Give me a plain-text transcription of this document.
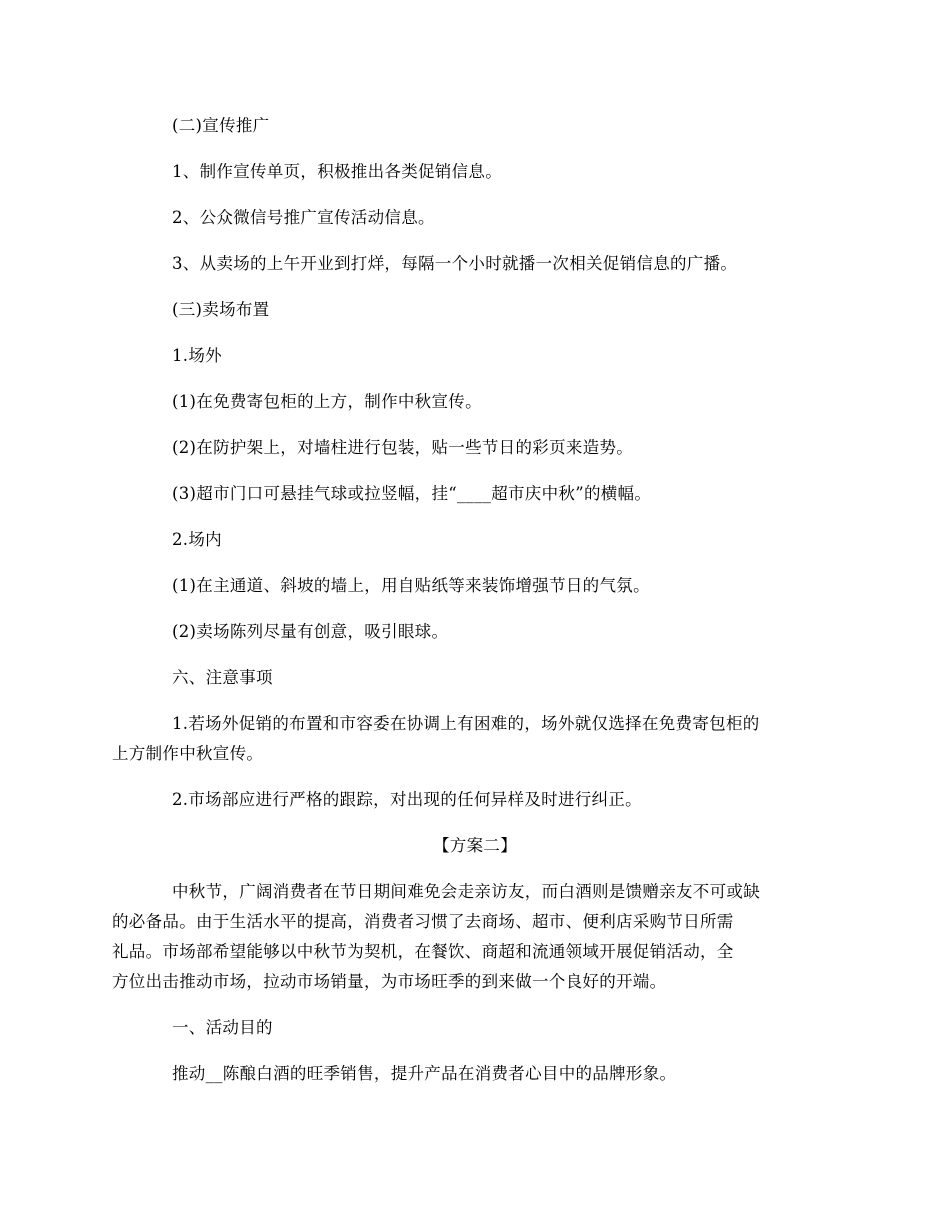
(二)宣传推广
1、制作宣传单页，积极推出各类促销信息。
2、公众微信号推广宣传活动信息。
3、从卖场的上午开业到打烊，每隔一个小时就播一次相关促销信息的广播。
(三)卖场布置
1.场外
(1)在免费寄包柜的上方，制作中秋宣传。
(2)在防护架上，对墙柱进行包装，贴一些节日的彩页来造势。
(3)超市门口可悬挂气球或拉竖幅，挂“____超市庆中秋”的横幅。
2.场内
(1)在主通道、斜坡的墙上，用自贴纸等来装饰增强节日的气氛。
(2)卖场陈列尽量有创意，吸引眼球。
六、注意事项
1.若场外促销的布置和市容委在协调上有困难的，场外就仅选择在免费寄包柜的
上方制作中秋宣传。
2.市场部应进行严格的跟踪，对出现的任何异样及时进行纠正。
【方案二】
中秋节，广阔消费者在节日期间难免会走亲访友，而白酒则是馈赠亲友不可或缺
的必备品。由于生活水平的提高，消费者习惯了去商场、超市、便利店采购节日所需
礼品。市场部希望能够以中秋节为契机，在餐饮、商超和流通领域开展促销活动，全
方位出击推动市场，拉动市场销量，为市场旺季的到来做一个良好的开端。
一、活动目的
推动__陈酿白酒的旺季销售，提升产品在消费者心目中的品牌形象。
